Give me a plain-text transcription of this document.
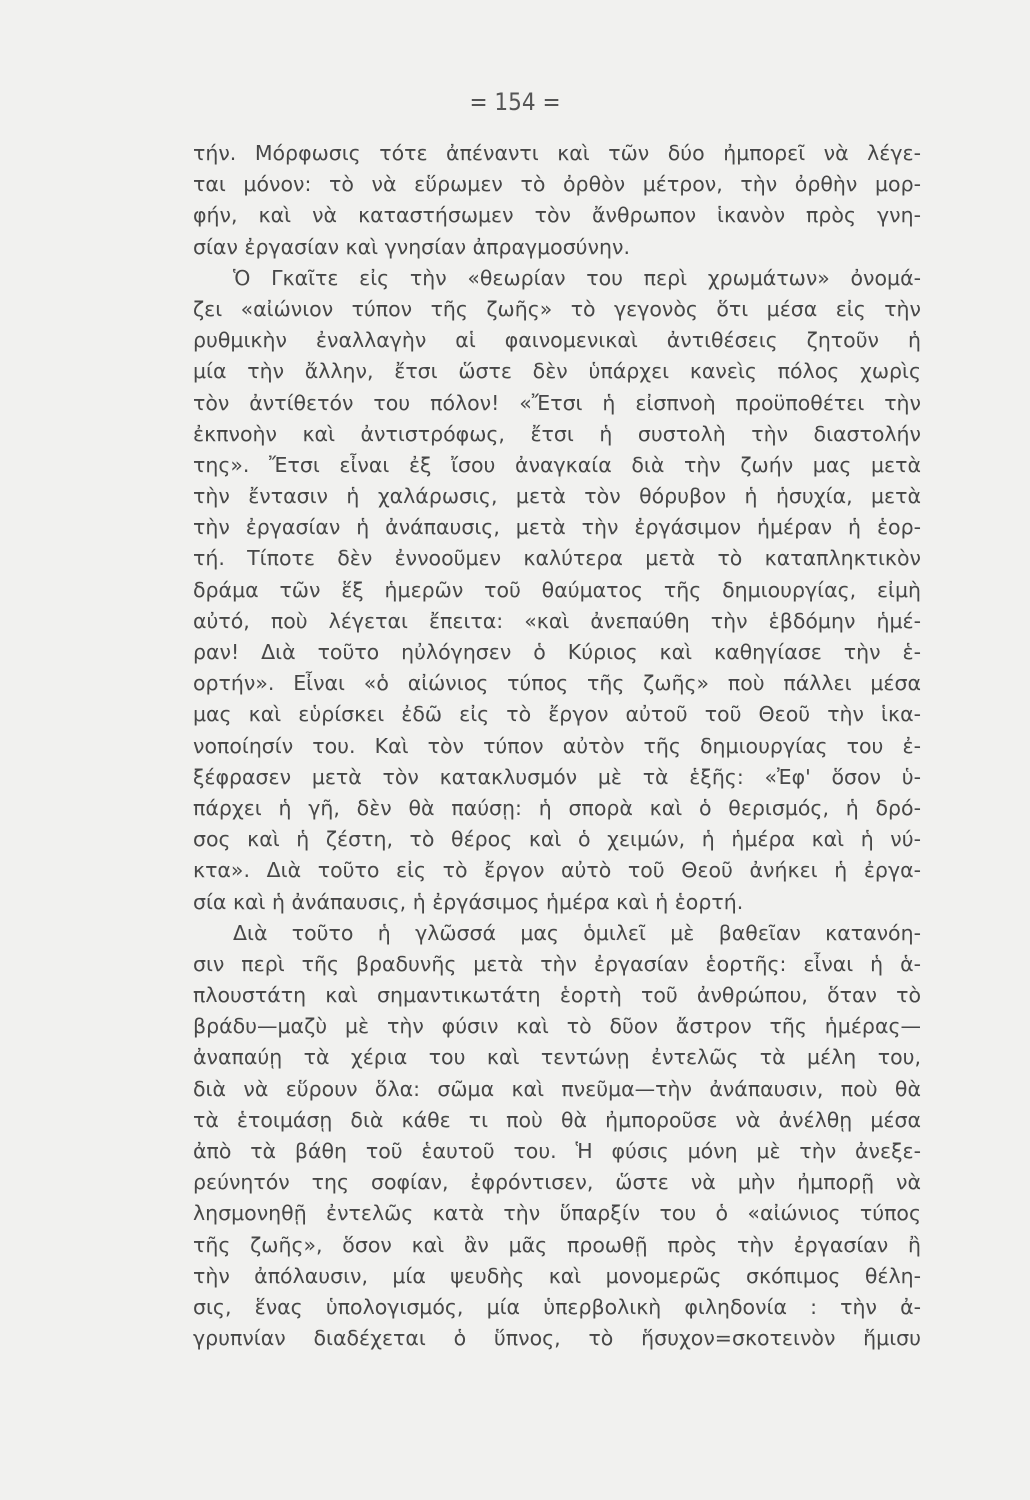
= 154 =
τήν. Μόρφωσις τότε ἀπέναντι καὶ τῶν δύο ἠμπορεῖ νὰ λέγε-
ται μόνον: τὸ νὰ εὕρωμεν τὸ ὀρθὸν μέτρον, τὴν ὀρθὴν μορ-
φήν, καὶ νὰ καταστήσωμεν τὸν ἄνθρωπον ἱκανὸν πρὸς γνη-
σίαν ἐργασίαν καὶ γνησίαν ἀπραγμοσύνην.
Ὁ Γκαῖτε εἰς τὴν «θεωρίαν του περὶ χρωμάτων» ὀνομά-
ζει «αἰώνιον τύπον τῆς ζωῆς» τὸ γεγονὸς ὅτι μέσα εἰς τὴν
ρυθμικὴν ἐναλλαγὴν αἱ φαινομενικαὶ ἀντιθέσεις ζητοῦν ἡ
μία τὴν ἄλλην, ἔτσι ὥστε δὲν ὑπάρχει κανεὶς πόλος χωρὶς
τὸν ἀντίθετόν του πόλον! «Ἔτσι ἡ εἰσπνοὴ προϋποθέτει τὴν
ἐκπνοὴν καὶ ἀντιστρόφως, ἔτσι ἡ συστολὴ τὴν διαστολήν
της». Ἔτσι εἶναι ἐξ ἴσου ἀναγκαία διὰ τὴν ζωήν μας μετὰ
τὴν ἔντασιν ἡ χαλάρωσις, μετὰ τὸν θόρυβον ἡ ἡσυχία, μετὰ
τὴν ἐργασίαν ἡ ἀνάπαυσις, μετὰ τὴν ἐργάσιμον ἡμέραν ἡ ἑορ-
τή. Τίποτε δὲν ἐννοοῦμεν καλύτερα μετὰ τὸ καταπληκτικὸν
δράμα τῶν ἕξ ἡμερῶν τοῦ θαύματος τῆς δημιουργίας, εἰμὴ
αὐτό, ποὺ λέγεται ἔπειτα: «καὶ ἀνεπαύθη τὴν ἑβδόμην ἡμέ-
ραν! Διὰ τοῦτο ηὐλόγησεν ὁ Κύριος καὶ καθηγίασε τὴν ἑ-
ορτήν». Εἶναι «ὁ αἰώνιος τύπος τῆς ζωῆς» ποὺ πάλλει μέσα
μας καὶ εὑρίσκει ἐδῶ εἰς τὸ ἔργον αὐτοῦ τοῦ Θεοῦ τὴν ἱκα-
νοποίησίν του. Καὶ τὸν τύπον αὐτὸν τῆς δημιουργίας του ἐ-
ξέφρασεν μετὰ τὸν κατακλυσμόν μὲ τὰ ἑξῆς: «Ἐφ' ὅσον ὑ-
πάρχει ἡ γῆ, δὲν θὰ παύσῃ: ἡ σπορὰ καὶ ὁ θερισμός, ἡ δρό-
σος καὶ ἡ ζέστη, τὸ θέρος καὶ ὁ χειμών, ἡ ἡμέρα καὶ ἡ νύ-
κτα». Διὰ τοῦτο εἰς τὸ ἔργον αὐτὸ τοῦ Θεοῦ ἀνήκει ἡ ἐργα-
σία καὶ ἡ ἀνάπαυσις, ἡ ἐργάσιμος ἡμέρα καὶ ἡ ἑορτή.
Διὰ τοῦτο ἡ γλῶσσά μας ὁμιλεῖ μὲ βαθεῖαν κατανόη-
σιν περὶ τῆς βραδυνῆς μετὰ τὴν ἐργασίαν ἑορτῆς: εἶναι ἡ ἁ-
πλουστάτη καὶ σημαντικωτάτη ἑορτὴ τοῦ ἀνθρώπου, ὅταν τὸ
βράδυ—μαζὺ μὲ τὴν φύσιν καὶ τὸ δῦον ἄστρον τῆς ἡμέρας—
ἀναπαύῃ τὰ χέρια του καὶ τεντώνῃ ἐντελῶς τὰ μέλη του,
διὰ νὰ εὕρουν ὅλα: σῶμα καὶ πνεῦμα—τὴν ἀνάπαυσιν, ποὺ θὰ
τὰ ἑτοιμάσῃ διὰ κάθε τι ποὺ θὰ ἠμποροῦσε νὰ ἀνέλθῃ μέσα
ἀπὸ τὰ βάθη τοῦ ἑαυτοῦ του. Ἡ φύσις μόνη μὲ τὴν ἀνεξε-
ρεύνητόν της σοφίαν, ἐφρόντισεν, ὥστε νὰ μὴν ἠμπορῇ νὰ
λησμονηθῇ ἐντελῶς κατὰ τὴν ὕπαρξίν του ὁ «αἰώνιος τύπος
τῆς ζωῆς», ὅσον καὶ ἂν μᾶς προωθῇ πρὸς τὴν ἐργασίαν ἢ
τὴν ἀπόλαυσιν, μία ψευδὴς καὶ μονομερῶς σκόπιμος θέλη-
σις, ἕνας ὑπολογισμός, μία ὑπερβολικὴ φιληδονία : τὴν ἀ-
γρυπνίαν διαδέχεται ὁ ὕπνος, τὸ ἥσυχον=σκοτεινὸν ἥμισυ
